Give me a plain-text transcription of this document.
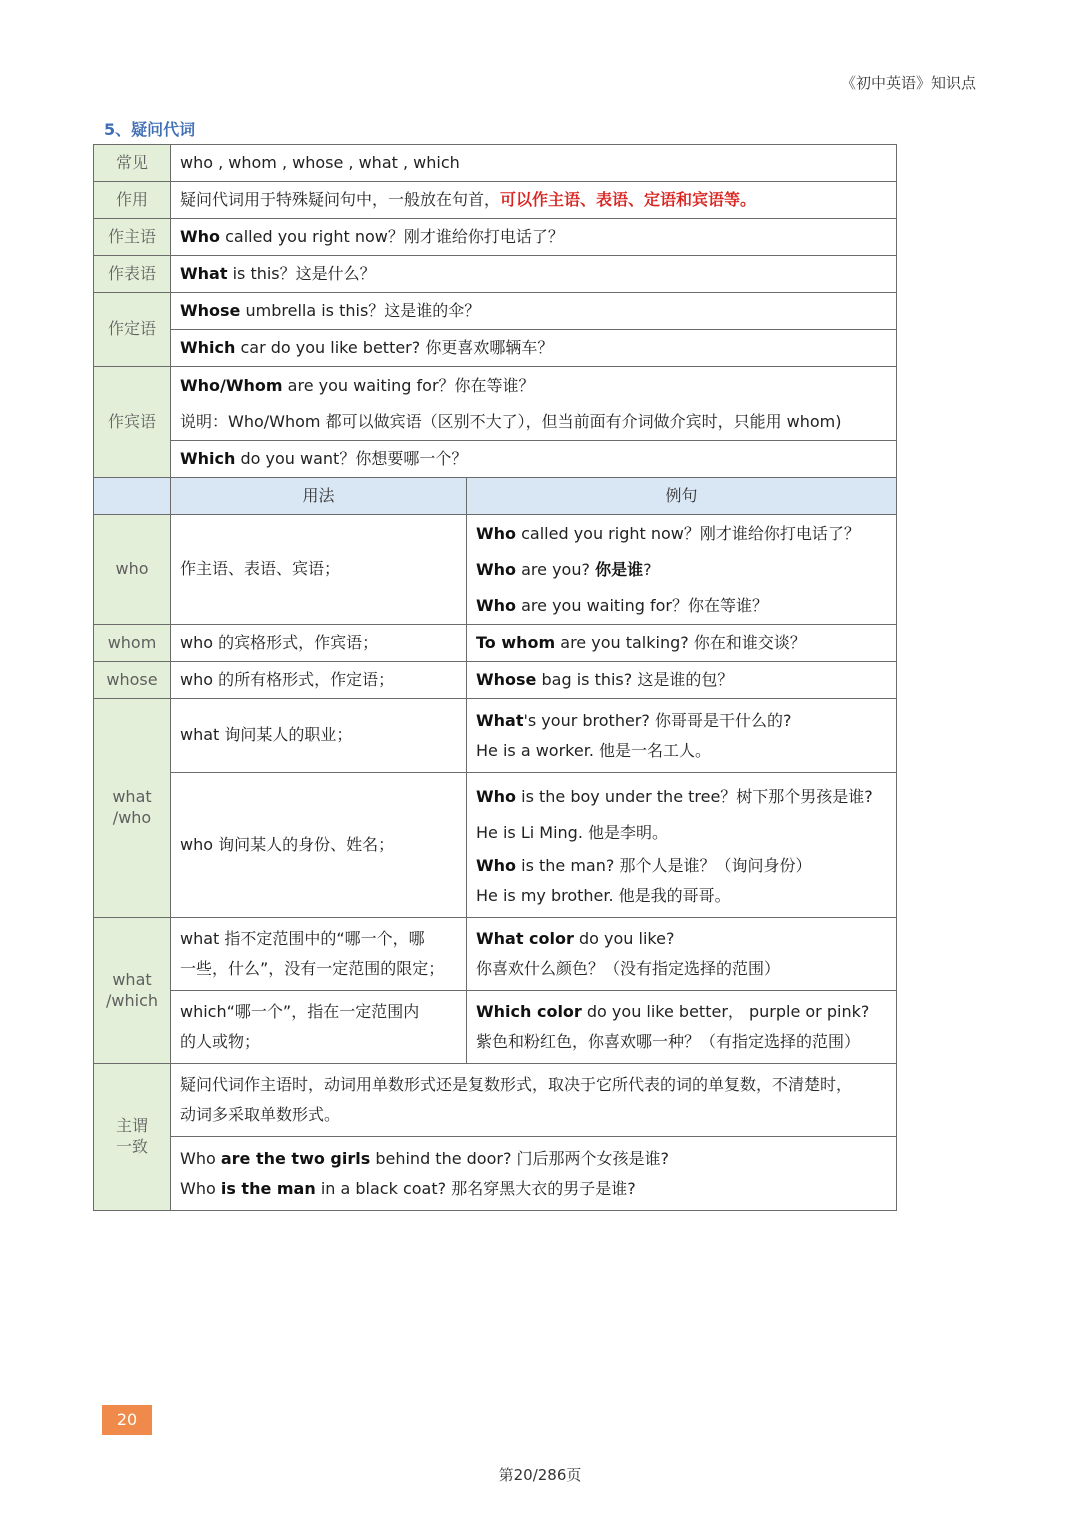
《初中英语》知识点
5、疑问代词
常见	who , whom , whose , what , which	
作用	疑问代词用于特殊疑问句中，一般放在句首，可以作主语、表语、定语和宾语等。	
作主语	Who called you right now？刚才谁给你打电话了？	
作表语	What is this？这是什么？	
作定语	Whose umbrella is this？这是谁的伞？	
	Which car do you like better? 你更喜欢哪辆车？	
作宾语	Who/Whom are you waiting for？你在等谁？
说明：Who/Whom 都可以做宾语（区别不大了），但当前面有介词做介宾时，只能用 whom)
Which do you want？你想要哪一个？	

	用法	例句
who	作主语、表语、宾语；	Who called you right now？刚才谁给你打电话了？
Who are you? 你是谁?
Who are you waiting for？你在等谁？

whom	who 的宾格形式，作宾语；	To whom are you talking? 你在和谁交谈？
whose	who 的所有格形式，作定语；	Whose bag is this? 这是谁的包？
what
/who	what 询问某人的职业；	What's your brother? 你哥哥是干什么的?
He is a worker. 他是一名工人。

	who 询问某人的身份、姓名；	Who is the boy under the tree？树下那个男孩是谁?
He is Li Ming. 他是李明。
Who is the man? 那个人是谁？（询问身份）
He is my brother. 他是我的哥哥。

what
/which	what 指不定范围中的“哪一个，哪
一些，什么”，没有一定范围的限定；	What color do you like?
你喜欢什么颜色？（没有指定选择的范围）

	which“哪一个”，指在一定范围内
的人或物；	Which color do you like better， purple or pink?
紫色和粉红色，你喜欢哪一种？（有指定选择的范围）

主谓
一致	疑问代词作主语时，动词用单数形式还是复数形式，取决于它所代表的词的单复数，不清楚时，
动词多采取单数形式。	

	Who are the two girls behind the door? 门后那两个女孩是谁?
Who is the man in a black coat? 那名穿黑大衣的男子是谁?	
20
第20/286页
